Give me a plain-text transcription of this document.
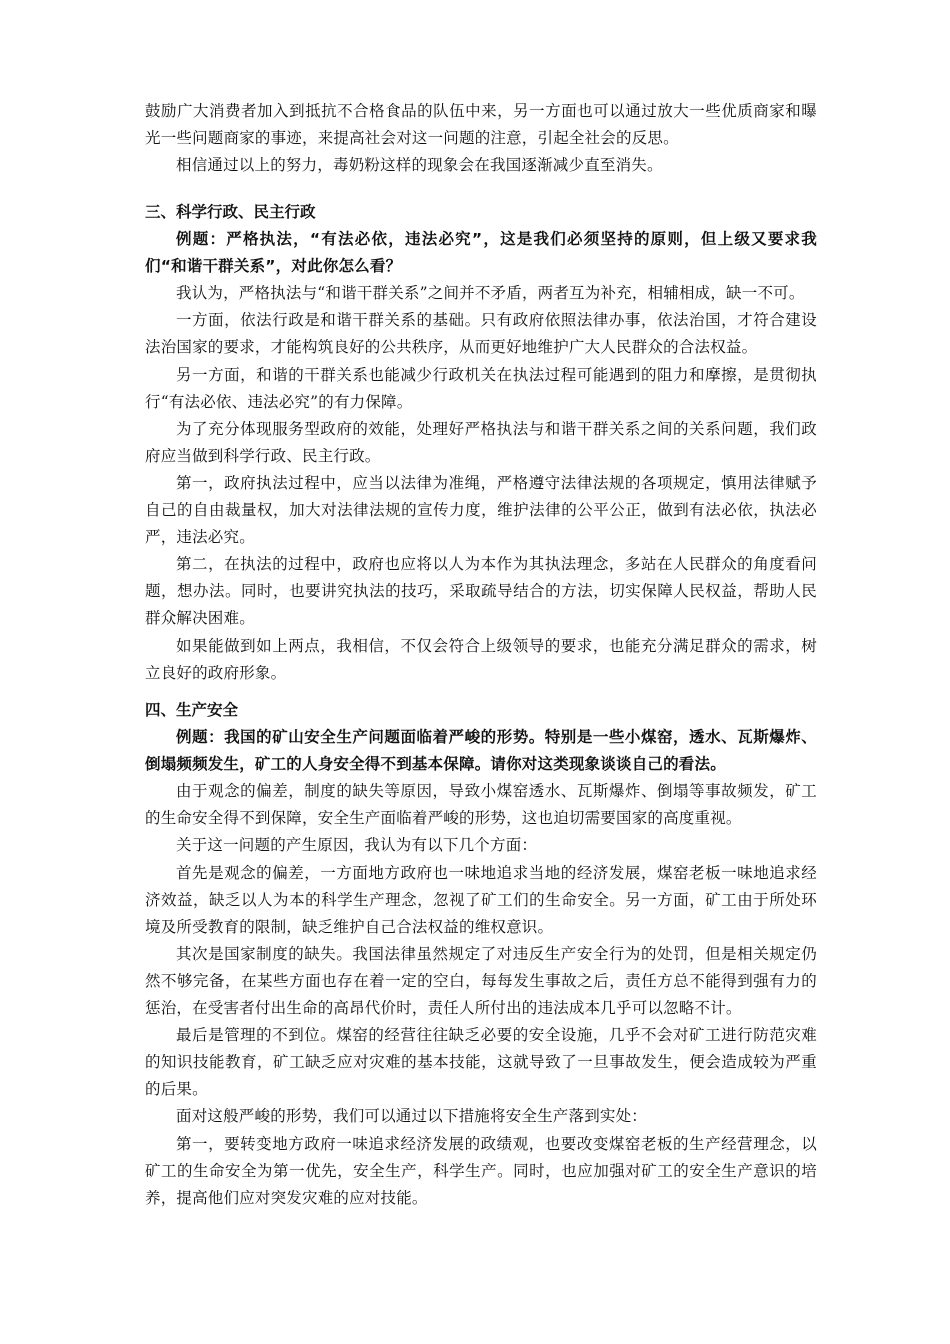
鼓励广大消费者加入到抵抗不合格食品的队伍中来，另一方面也可以通过放大一些优质商家和曝光一些问题商家的事迹，来提高社会对这一问题的注意，引起全社会的反思。

相信通过以上的努力，毒奶粉这样的现象会在我国逐渐减少直至消失。

三、科学行政、民主行政

例题：严格执法，“有法必依，违法必究”，这是我们必须坚持的原则，但上级又要求我们“和谐干群关系”，对此你怎么看？

我认为，严格执法与“和谐干群关系”之间并不矛盾，两者互为补充，相辅相成，缺一不可。

一方面，依法行政是和谐干群关系的基础。只有政府依照法律办事，依法治国，才符合建设法治国家的要求，才能构筑良好的公共秩序，从而更好地维护广大人民群众的合法权益。

另一方面，和谐的干群关系也能减少行政机关在执法过程可能遇到的阻力和摩擦，是贯彻执行“有法必依、违法必究”的有力保障。

为了充分体现服务型政府的效能，处理好严格执法与和谐干群关系之间的关系问题，我们政府应当做到科学行政、民主行政。

第一，政府执法过程中，应当以法律为准绳，严格遵守法律法规的各项规定，慎用法律赋予自己的自由裁量权，加大对法律法规的宣传力度，维护法律的公平公正，做到有法必依，执法必严，违法必究。

第二，在执法的过程中，政府也应将以人为本作为其执法理念，多站在人民群众的角度看问题，想办法。同时，也要讲究执法的技巧，采取疏导结合的方法，切实保障人民权益，帮助人民群众解决困难。

如果能做到如上两点，我相信，不仅会符合上级领导的要求，也能充分满足群众的需求，树立良好的政府形象。

四、生产安全

例题：我国的矿山安全生产问题面临着严峻的形势。特别是一些小煤窑，透水、瓦斯爆炸、倒塌频频发生，矿工的人身安全得不到基本保障。请你对这类现象谈谈自己的看法。

由于观念的偏差，制度的缺失等原因，导致小煤窑透水、瓦斯爆炸、倒塌等事故频发，矿工的生命安全得不到保障，安全生产面临着严峻的形势，这也迫切需要国家的高度重视。

关于这一问题的产生原因，我认为有以下几个方面：

首先是观念的偏差，一方面地方政府也一味地追求当地的经济发展，煤窑老板一味地追求经济效益，缺乏以人为本的科学生产理念，忽视了矿工们的生命安全。另一方面，矿工由于所处环境及所受教育的限制，缺乏维护自己合法权益的维权意识。

其次是国家制度的缺失。我国法律虽然规定了对违反生产安全行为的处罚，但是相关规定仍然不够完备，在某些方面也存在着一定的空白，每每发生事故之后，责任方总不能得到强有力的惩治，在受害者付出生命的高昂代价时，责任人所付出的违法成本几乎可以忽略不计。

最后是管理的不到位。煤窑的经营往往缺乏必要的安全设施，几乎不会对矿工进行防范灾难的知识技能教育，矿工缺乏应对灾难的基本技能，这就导致了一旦事故发生，便会造成较为严重的后果。

面对这般严峻的形势，我们可以通过以下措施将安全生产落到实处：

第一，要转变地方政府一味追求经济发展的政绩观，也要改变煤窑老板的生产经营理念，以矿工的生命安全为第一优先，安全生产，科学生产。同时，也应加强对矿工的安全生产意识的培养，提高他们应对突发灾难的应对技能。
